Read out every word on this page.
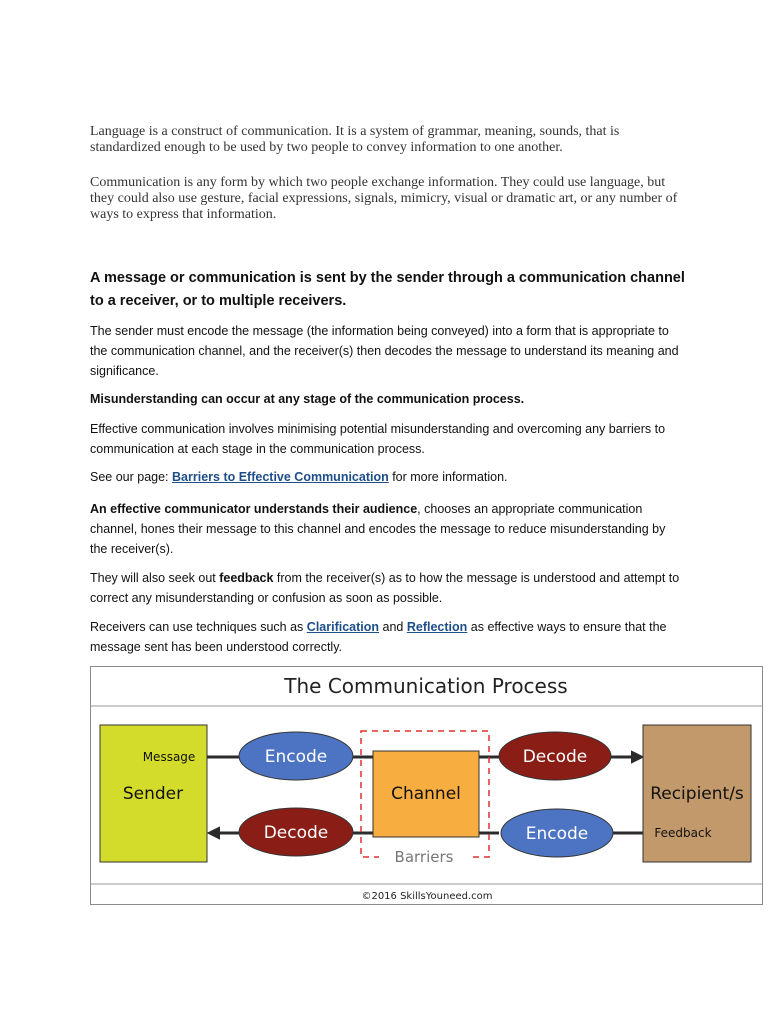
Language is a construct of communication. It is a system of grammar, meaning, sounds, that is standardized enough to be used by two people to convey information to one another.

Communication is any form by which two people exchange information. They could use language, but they could also use gesture, facial expressions, signals, mimicry, visual or dramatic art, or any number of ways to express that information.

A message or communication is sent by the sender through a communication channel to a receiver, or to multiple receivers.

The sender must encode the message (the information being conveyed) into a form that is appropriate to the communication channel, and the receiver(s) then decodes the message to understand its meaning and significance.

Misunderstanding can occur at any stage of the communication process.

Effective communication involves minimising potential misunderstanding and overcoming any barriers to communication at each stage in the communication process.

See our page: Barriers to Effective Communication for more information.

An effective communicator understands their audience, chooses an appropriate communication channel, hones their message to this channel and encodes the message to reduce misunderstanding by the receiver(s).

They will also seek out feedback from the receiver(s) as to how the message is understood and attempt to correct any misunderstanding or confusion as soon as possible.

Receivers can use techniques such as Clarification and Reflection as effective ways to ensure that the message sent has been understood correctly.

The Communication Process
Sender
Message
Barriers
Channel
Encode	Decode
Decode	Encode
Recipient/s
Feedback
©2016 SkillsYouneed.com
